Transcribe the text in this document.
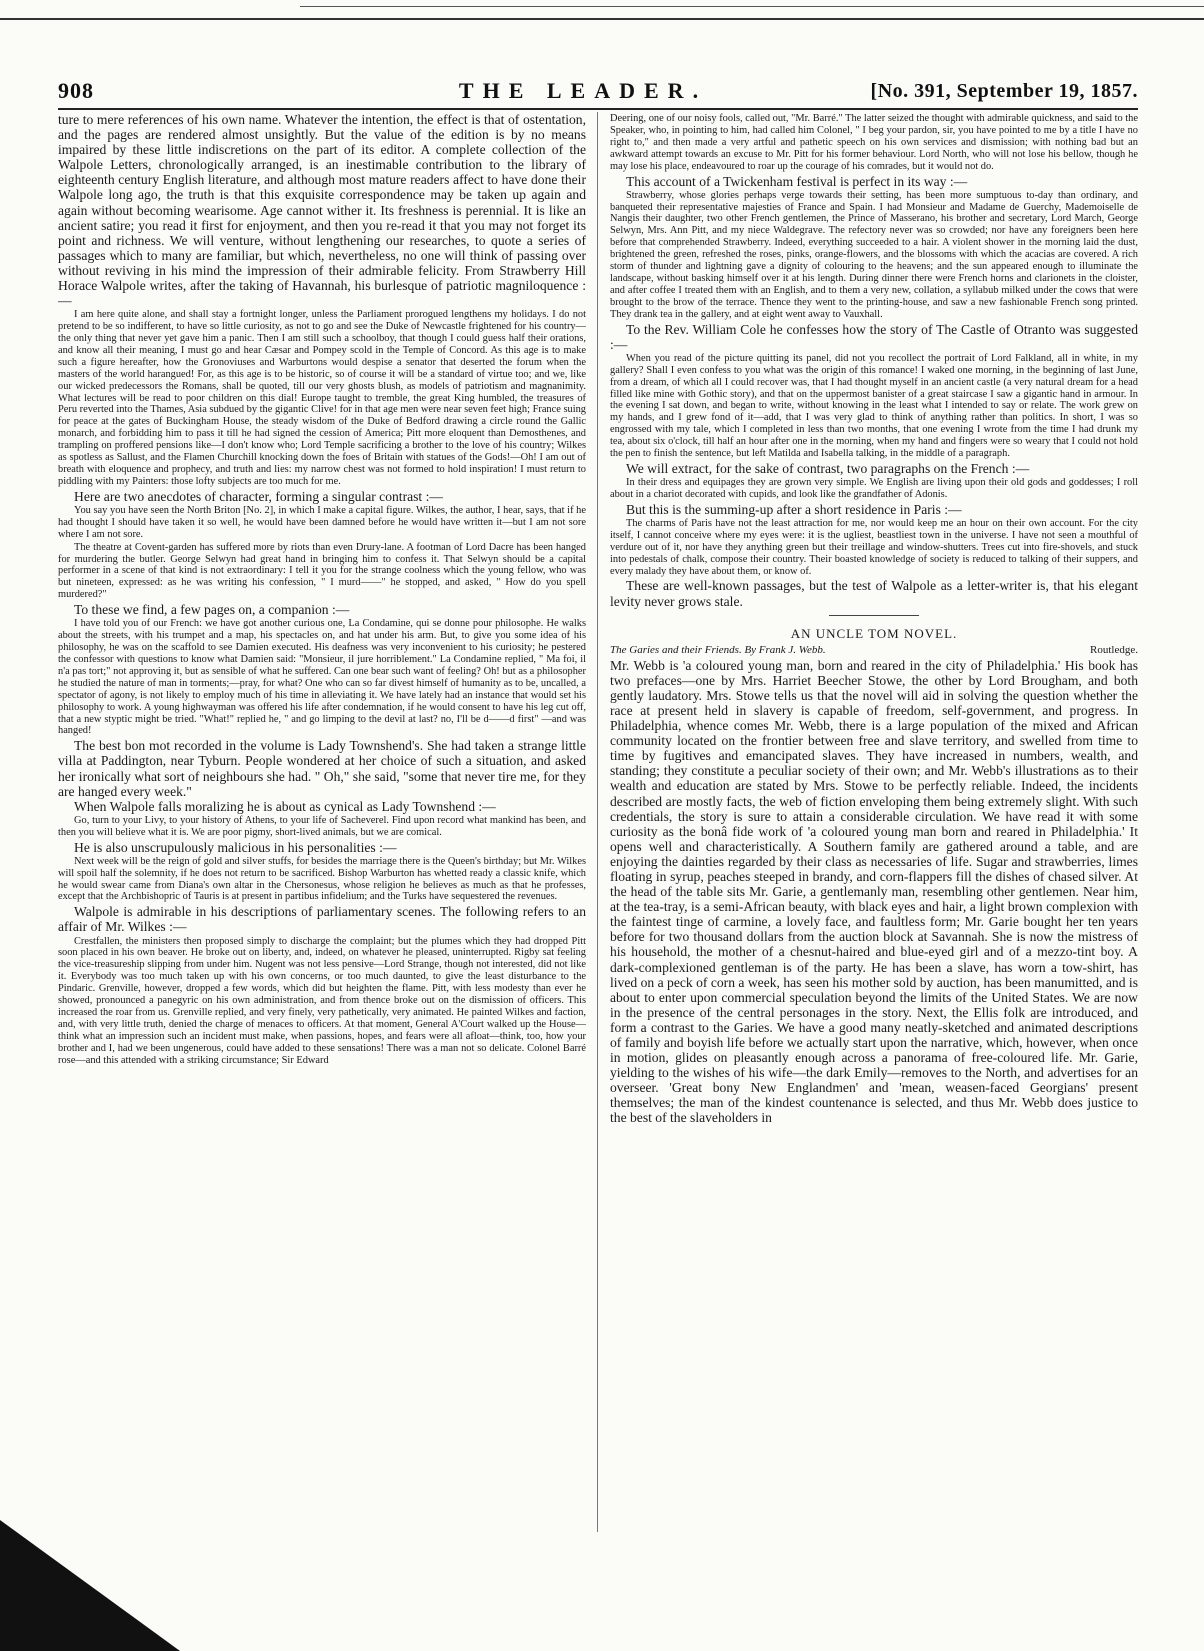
908	THE LEADER.	[No. 391, September 19, 1857.

ture to mere references of his own name. Whatever the intention, the effect is that of ostentation, and the pages are rendered almost unsightly. But the value of the edition is by no means impaired by these little indiscretions on the part of its editor. A complete collection of the Walpole Letters, chronologically arranged, is an inestimable contribution to the library of eighteenth century English literature, and although most mature readers affect to have done their Walpole long ago, the truth is that this exquisite correspondence may be taken up again and again without becoming wearisome. Age cannot wither it. Its freshness is perennial. It is like an ancient satire; you read it first for enjoyment, and then you re-read it that you may not forget its point and richness. We will venture, without lengthening our researches, to quote a series of passages which to many are familiar, but which, nevertheless, no one will think of passing over without reviving in his mind the impression of their admirable felicity. From Strawberry Hill Horace Walpole writes, after the taking of Havannah, his burlesque of patriotic magniloquence :—

I am here quite alone, and shall stay a fortnight longer, unless the Parliament prorogued lengthens my holidays. I do not pretend to be so indifferent, to have so little curiosity, as not to go and see the Duke of Newcastle frightened for his country—the only thing that never yet gave him a panic. Then I am still such a schoolboy, that though I could guess half their orations, and know all their meaning, I must go and hear Cæsar and Pompey scold in the Temple of Concord. As this age is to make such a figure hereafter, how the Gronoviuses and Warburtons would despise a senator that deserted the forum when the masters of the world harangued! For, as this age is to be historic, so of course it will be a standard of virtue too; and we, like our wicked predecessors the Romans, shall be quoted, till our very ghosts blush, as models of patriotism and magnanimity. What lectures will be read to poor children on this dial! Europe taught to tremble, the great King humbled, the treasures of Peru reverted into the Thames, Asia subdued by the gigantic Clive! for in that age men were near seven feet high; France suing for peace at the gates of Buckingham House, the steady wisdom of the Duke of Bedford drawing a circle round the Gallic monarch, and forbidding him to pass it till he had signed the cession of America; Pitt more eloquent than Demosthenes, and trampling on proffered pensions like—I don't know who; Lord Temple sacrificing a brother to the love of his country; Wilkes as spotless as Sallust, and the Flamen Churchill knocking down the foes of Britain with statues of the Gods!—Oh! I am out of breath with eloquence and prophecy, and truth and lies: my narrow chest was not formed to hold inspiration! I must return to piddling with my Painters: those lofty subjects are too much for me.

Here are two anecdotes of character, forming a singular contrast :—

You say you have seen the North Briton [No. 2], in which I make a capital figure. Wilkes, the author, I hear, says, that if he had thought I should have taken it so well, he would have been damned before he would have written it—but I am not sore where I am not sore.

The theatre at Covent-garden has suffered more by riots than even Drury-lane. A footman of Lord Dacre has been hanged for murdering the butler. George Selwyn had great hand in bringing him to confess it. That Selwyn should be a capital performer in a scene of that kind is not extraordinary: I tell it you for the strange coolness which the young fellow, who was but nineteen, expressed: as he was writing his confession, " I murd——" he stopped, and asked, " How do you spell murdered?"

To these we find, a few pages on, a companion :—

I have told you of our French: we have got another curious one, La Condamine, qui se donne pour philosophe. He walks about the streets, with his trumpet and a map, his spectacles on, and hat under his arm. But, to give you some idea of his philosophy, he was on the scaffold to see Damien executed. His deafness was very inconvenient to his curiosity; he pestered the confessor with questions to know what Damien said: "Monsieur, il jure horriblement." La Condamine replied, " Ma foi, il n'a pas tort;" not approving it, but as sensible of what he suffered. Can one bear such want of feeling? Oh! but as a philosopher he studied the nature of man in torments;—pray, for what? One who can so far divest himself of humanity as to be, uncalled, a spectator of agony, is not likely to employ much of his time in alleviating it. We have lately had an instance that would set his philosophy to work. A young highwayman was offered his life after condemnation, if he would consent to have his leg cut off, that a new styptic might be tried. "What!" replied he, " and go limping to the devil at last? no, I'll be d——d first" —and was hanged!

The best bon mot recorded in the volume is Lady Townshend's. She had taken a strange little villa at Paddington, near Tyburn. People wondered at her choice of such a situation, and asked her ironically what sort of neighbours she had. " Oh," she said, "some that never tire me, for they are hanged every week."

When Walpole falls moralizing he is about as cynical as Lady Townshend :—

Go, turn to your Livy, to your history of Athens, to your life of Sacheverel. Find upon record what mankind has been, and then you will believe what it is. We are poor pigmy, short-lived animals, but we are comical.

He is also unscrupulously malicious in his personalities :—

Next week will be the reign of gold and silver stuffs, for besides the marriage there is the Queen's birthday; but Mr. Wilkes will spoil half the solemnity, if he does not return to be sacrificed. Bishop Warburton has whetted ready a classic knife, which he would swear came from Diana's own altar in the Chersonesus, whose religion he believes as much as that he professes, except that the Archbishopric of Tauris is at present in partibus infidelium; and the Turks have sequestered the revenues.

Walpole is admirable in his descriptions of parliamentary scenes. The following refers to an affair of Mr. Wilkes :—

Crestfallen, the ministers then proposed simply to discharge the complaint; but the plumes which they had dropped Pitt soon placed in his own beaver. He broke out on liberty, and, indeed, on whatever he pleased, uninterrupted. Rigby sat feeling the vice-treasureship slipping from under him. Nugent was not less pensive—Lord Strange, though not interested, did not like it. Everybody was too much taken up with his own concerns, or too much daunted, to give the least disturbance to the Pindaric. Grenville, however, dropped a few words, which did but heighten the flame. Pitt, with less modesty than ever he showed, pronounced a panegyric on his own administration, and from thence broke out on the dismission of officers. This increased the roar from us. Grenville replied, and very finely, very pathetically, very animated. He painted Wilkes and faction, and, with very little truth, denied the charge of menaces to officers. At that moment, General A'Court walked up the House—think what an impression such an incident must make, when passions, hopes, and fears were all afloat—think, too, how your brother and I, had we been ungenerous, could have added to these sensations! There was a man not so delicate. Colonel Barré rose—and this attended with a striking circumstance; Sir Edward

Deering, one of our noisy fools, called out, "Mr. Barré." The latter seized the thought with admirable quickness, and said to the Speaker, who, in pointing to him, had called him Colonel, " I beg your pardon, sir, you have pointed to me by a title I have no right to," and then made a very artful and pathetic speech on his own services and dismission; with nothing bad but an awkward attempt towards an excuse to Mr. Pitt for his former behaviour. Lord North, who will not lose his bellow, though he may lose his place, endeavoured to roar up the courage of his comrades, but it would not do.

This account of a Twickenham festival is perfect in its way :—

Strawberry, whose glories perhaps verge towards their setting, has been more sumptuous to-day than ordinary, and banqueted their representative majesties of France and Spain. I had Monsieur and Madame de Guerchy, Mademoiselle de Nangis their daughter, two other French gentlemen, the Prince of Masserano, his brother and secretary, Lord March, George Selwyn, Mrs. Ann Pitt, and my niece Waldegrave. The refectory never was so crowded; nor have any foreigners been here before that comprehended Strawberry. Indeed, everything succeeded to a hair. A violent shower in the morning laid the dust, brightened the green, refreshed the roses, pinks, orange-flowers, and the blossoms with which the acacias are covered. A rich storm of thunder and lightning gave a dignity of colouring to the heavens; and the sun appeared enough to illuminate the landscape, without basking himself over it at his length. During dinner there were French horns and clarionets in the cloister, and after coffee I treated them with an English, and to them a very new, collation, a syllabub milked under the cows that were brought to the brow of the terrace. Thence they went to the printing-house, and saw a new fashionable French song printed. They drank tea in the gallery, and at eight went away to Vauxhall.

To the Rev. William Cole he confesses how the story of The Castle of Otranto was suggested :—

When you read of the picture quitting its panel, did not you recollect the portrait of Lord Falkland, all in white, in my gallery? Shall I even confess to you what was the origin of this romance! I waked one morning, in the beginning of last June, from a dream, of which all I could recover was, that I had thought myself in an ancient castle (a very natural dream for a head filled like mine with Gothic story), and that on the uppermost banister of a great staircase I saw a gigantic hand in armour. In the evening I sat down, and began to write, without knowing in the least what I intended to say or relate. The work grew on my hands, and I grew fond of it—add, that I was very glad to think of anything rather than politics. In short, I was so engrossed with my tale, which I completed in less than two months, that one evening I wrote from the time I had drunk my tea, about six o'clock, till half an hour after one in the morning, when my hand and fingers were so weary that I could not hold the pen to finish the sentence, but left Matilda and Isabella talking, in the middle of a paragraph.

We will extract, for the sake of contrast, two paragraphs on the French :—

In their dress and equipages they are grown very simple. We English are living upon their old gods and goddesses; I roll about in a chariot decorated with cupids, and look like the grandfather of Adonis.

But this is the summing-up after a short residence in Paris :—

The charms of Paris have not the least attraction for me, nor would keep me an hour on their own account. For the city itself, I cannot conceive where my eyes were: it is the ugliest, beastliest town in the universe. I have not seen a mouthful of verdure out of it, nor have they anything green but their treillage and window-shutters. Trees cut into fire-shovels, and stuck into pedestals of chalk, compose their country. Their boasted knowledge of society is reduced to talking of their suppers, and every malady they have about them, or know of.

These are well-known passages, but the test of Walpole as a letter-writer is, that his elegant levity never grows stale.

AN UNCLE TOM NOVEL.
The Garies and their Friends. By Frank J. Webb.	Routledge.

Mr. Webb is 'a coloured young man, born and reared in the city of Philadelphia.' His book has two prefaces—one by Mrs. Harriet Beecher Stowe, the other by Lord Brougham, and both gently laudatory. Mrs. Stowe tells us that the novel will aid in solving the question whether the race at present held in slavery is capable of freedom, self-government, and progress. In Philadelphia, whence comes Mr. Webb, there is a large population of the mixed and African community located on the frontier between free and slave territory, and swelled from time to time by fugitives and emancipated slaves. They have increased in numbers, wealth, and standing; they constitute a peculiar society of their own; and Mr. Webb's illustrations as to their wealth and education are stated by Mrs. Stowe to be perfectly reliable. Indeed, the incidents described are mostly facts, the web of fiction enveloping them being extremely slight. With such credentials, the story is sure to attain a considerable circulation. We have read it with some curiosity as the bonâ fide work of 'a coloured young man born and reared in Philadelphia.' It opens well and characteristically. A Southern family are gathered around a table, and are enjoying the dainties regarded by their class as necessaries of life. Sugar and strawberries, limes floating in syrup, peaches steeped in brandy, and corn-flappers fill the dishes of chased silver. At the head of the table sits Mr. Garie, a gentlemanly man, resembling other gentlemen. Near him, at the tea-tray, is a semi-African beauty, with black eyes and hair, a light brown complexion with the faintest tinge of carmine, a lovely face, and faultless form; Mr. Garie bought her ten years before for two thousand dollars from the auction block at Savannah. She is now the mistress of his household, the mother of a chesnut-haired and blue-eyed girl and of a mezzo-tint boy. A dark-complexioned gentleman is of the party. He has been a slave, has worn a tow-shirt, has lived on a peck of corn a week, has seen his mother sold by auction, has been manumitted, and is about to enter upon commercial speculation beyond the limits of the United States. We are now in the presence of the central personages in the story. Next, the Ellis folk are introduced, and form a contrast to the Garies. We have a good many neatly-sketched and animated descriptions of family and boyish life before we actually start upon the narrative, which, however, when once in motion, glides on pleasantly enough across a panorama of free-coloured life. Mr. Garie, yielding to the wishes of his wife—the dark Emily—removes to the North, and advertises for an overseer. 'Great bony New Englandmen' and 'mean, weasen-faced Georgians' present themselves; the man of the kindest countenance is selected, and thus Mr. Webb does justice to the best of the slaveholders in
